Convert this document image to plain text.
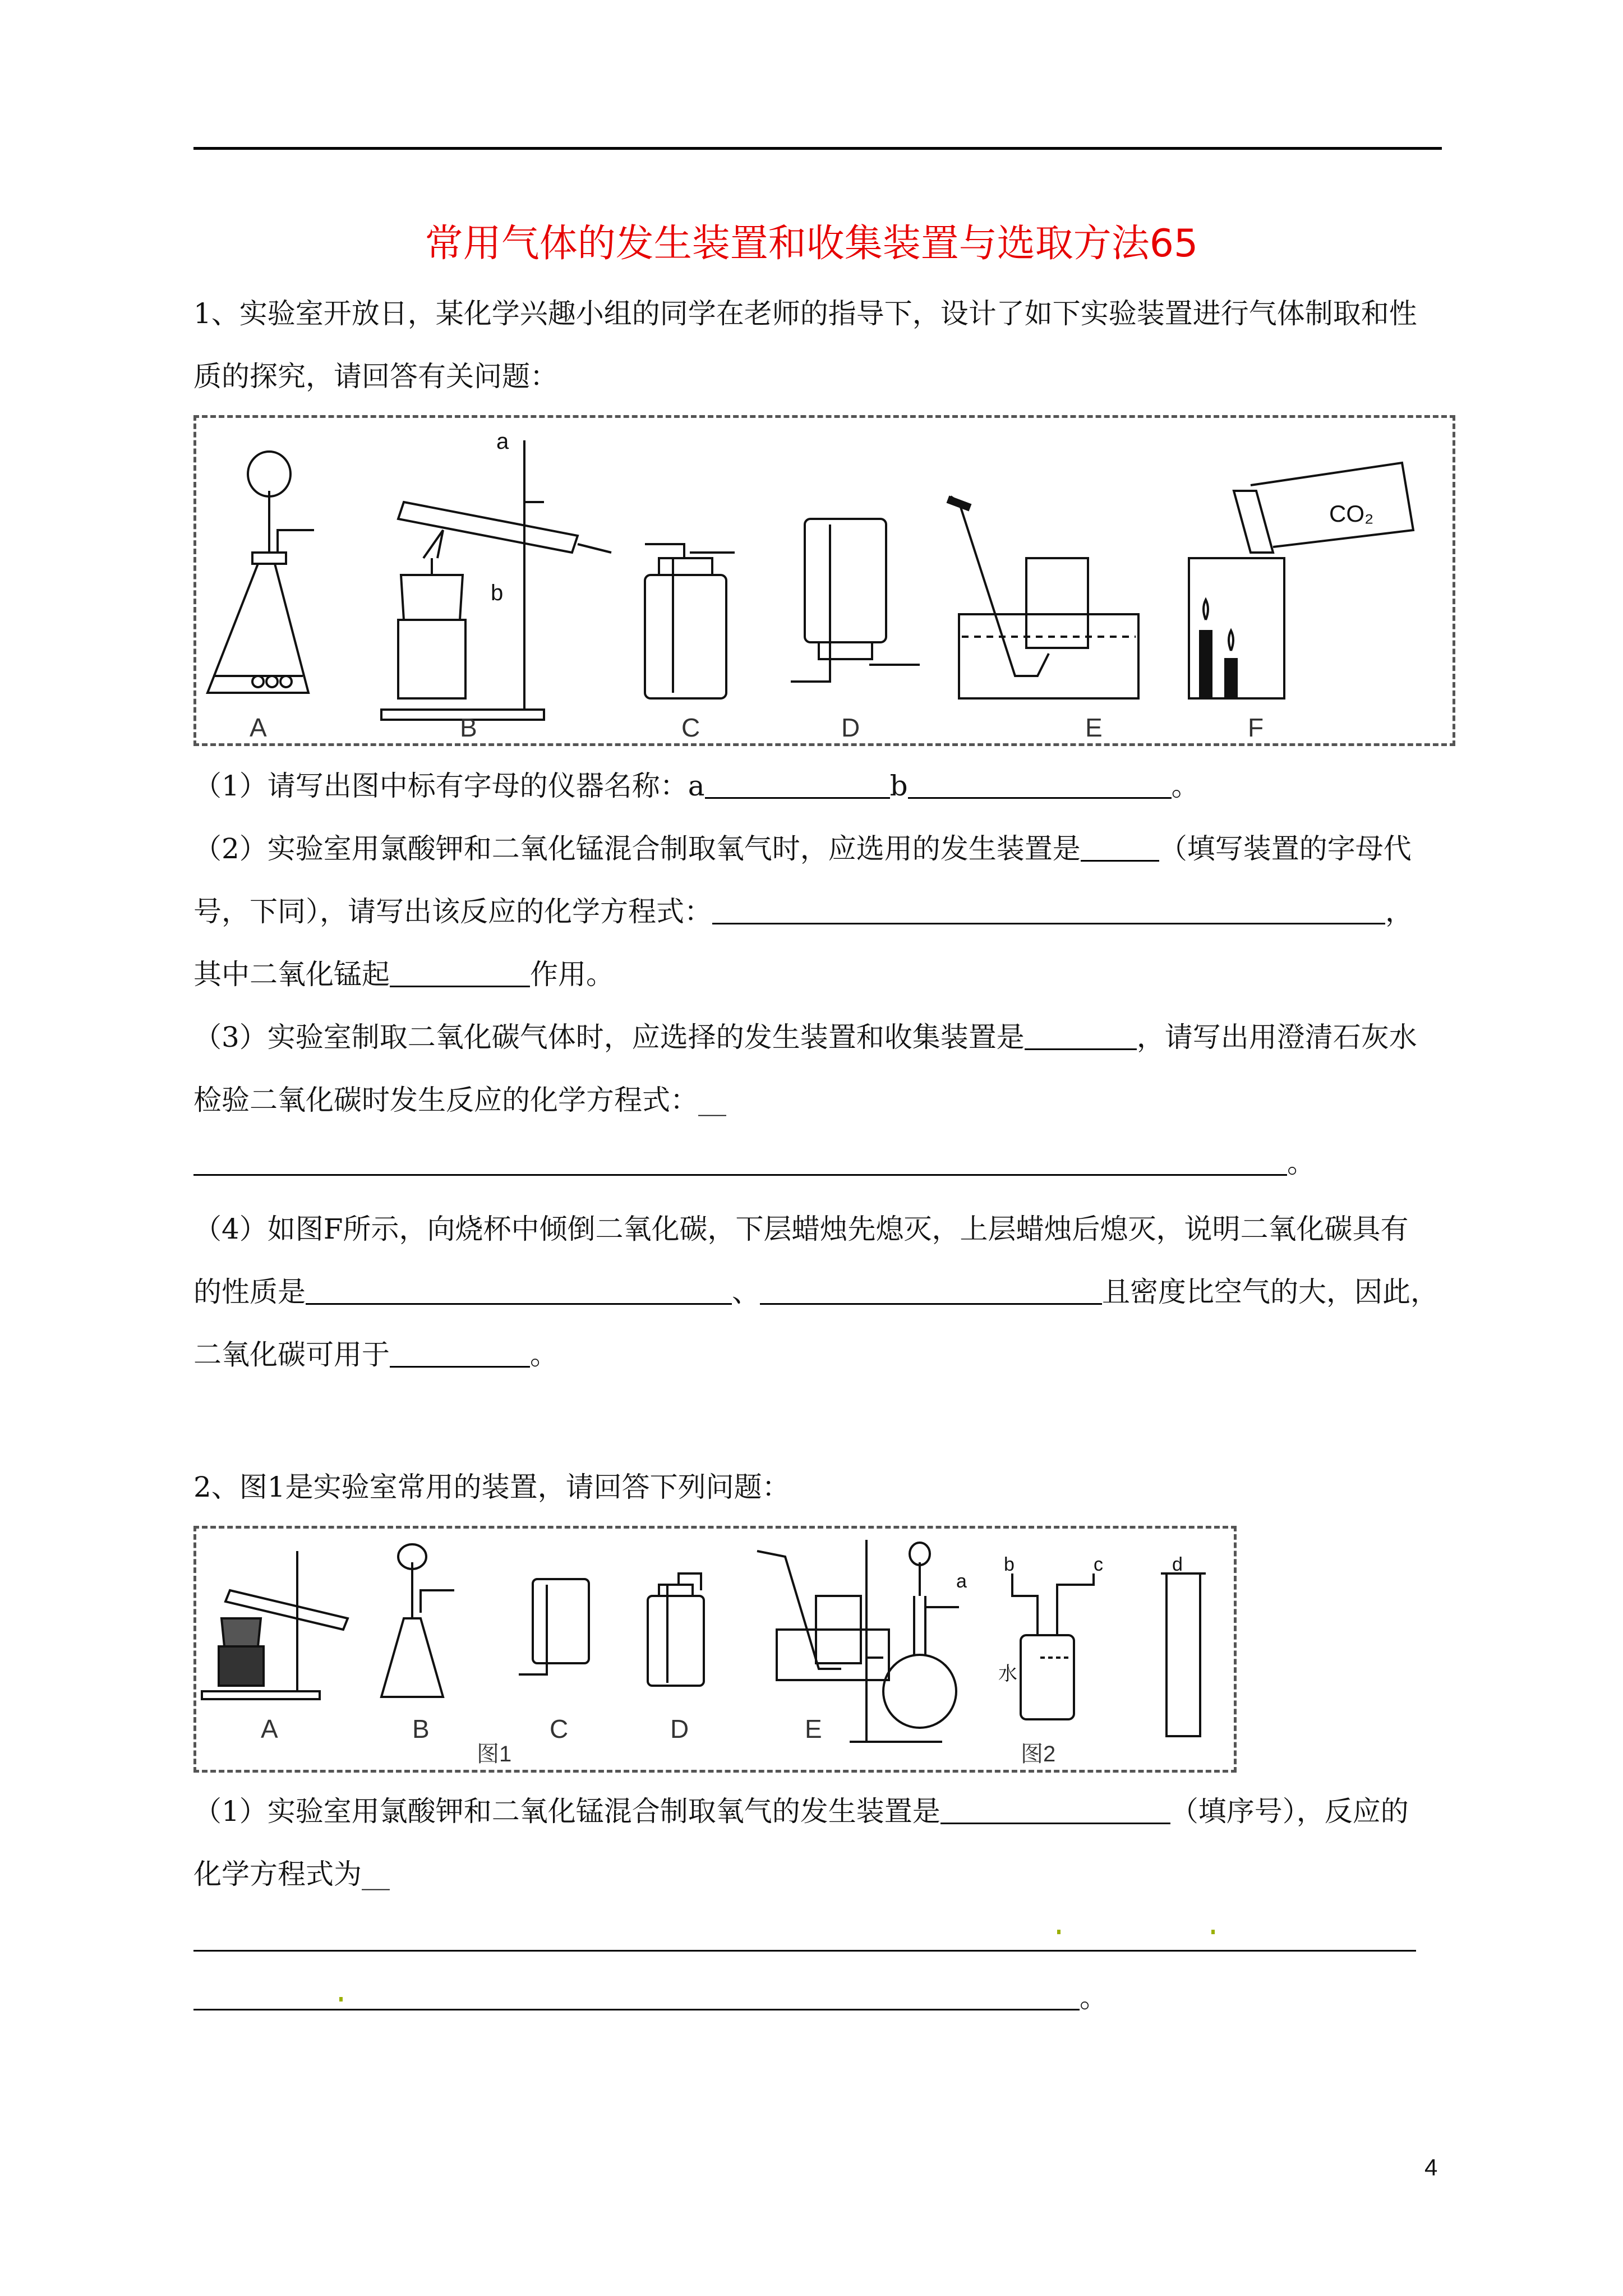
常用气体的发生装置和收集装置与选取方法65
1、实验室开放日，某化学兴趣小组的同学在老师的指导下，设计了如下实验装置进行气体制取和性
质的探究，请回答有关问题：
a
b
CO₂
A	B	C	D	E	F
（1）请写出图中标有字母的仪器名称：a	b	。
（2）实验室用氯酸钾和二氧化锰混合制取氧气时，应选用的发生装置是	（填写装置的字母代
号，下同），请写出该反应的化学方程式：	，
其中二氧化锰起	作用。
（3）实验室制取二氧化碳气体时，应选择的发生装置和收集装置是	，请写出用澄清石灰水
检验二氧化碳时发生反应的化学方程式：__
。
（4）如图F所示，向烧杯中倾倒二氧化碳，下层蜡烛先熄灭，上层蜡烛后熄灭，说明二氧化碳具有
的性质是	、	且密度比空气的大，因此，
二氧化碳可用于	。
2、图1是实验室常用的装置，请回答下列问题：
a
b	c	d
水
A	B	C	D	E
图1	图2
（1）实验室用氯酸钾和二氧化锰混合制取氧气的发生装置是	（填序号），反应的
化学方程式为__
。
4
